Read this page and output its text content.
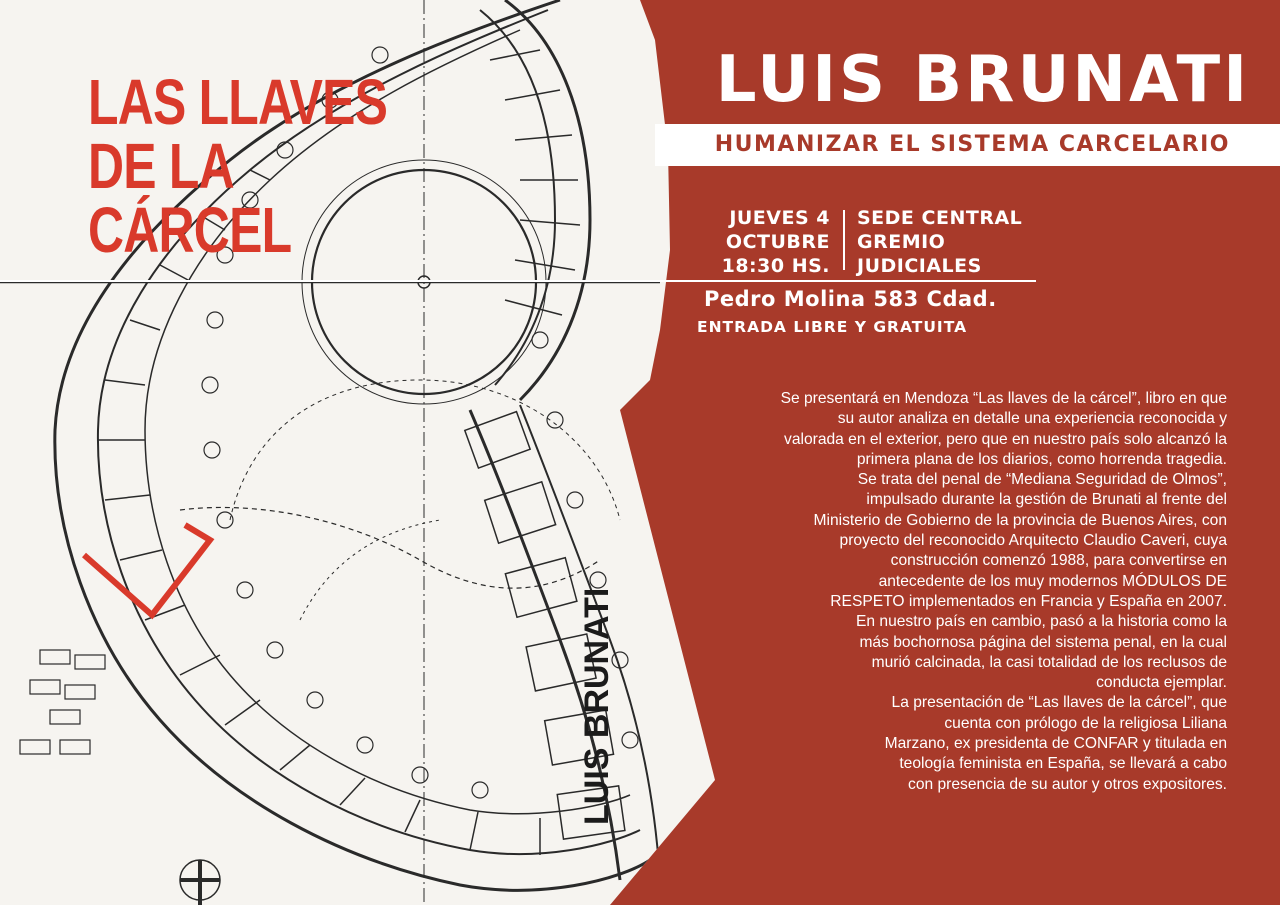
LAS LLAVES
DE LA
CÁRCEL
LUIS BRUNATI
LUIS BRUNATI
HUMANIZAR EL SISTEMA CARCELARIO
JUEVES 4
OCTUBRE
18:30 HS.
SEDE CENTRAL
GREMIO
JUDICIALES
Pedro Molina 583 Cdad.
ENTRADA LIBRE Y GRATUITA
Se presentará en Mendoza “Las llaves de la cárcel”, libro en que
su autor analiza en detalle una experiencia reconocida y
valorada en el exterior, pero que en nuestro país solo alcanzó la
primera plana de los diarios, como horrenda tragedia.
Se trata del penal de “Mediana Seguridad de Olmos”,
impulsado durante la gestión de Brunati al frente del
Ministerio de Gobierno de la provincia de Buenos Aires, con
proyecto del reconocido Arquitecto Claudio Caveri, cuya
construcción comenzó 1988, para convertirse en
antecedente de los muy modernos MÓDULOS DE
RESPETO implementados en Francia y España en 2007.
En nuestro país en cambio, pasó a la historia como la
más bochornosa página del sistema penal, en la cual
murió calcinada, la casi totalidad de los reclusos de
conducta ejemplar.
La presentación de “Las llaves de la cárcel”, que
cuenta con prólogo de la religiosa Liliana
Marzano, ex presidenta de CONFAR y titulada en
teología feminista en España, se llevará a cabo
con presencia de su autor y otros expositores.
